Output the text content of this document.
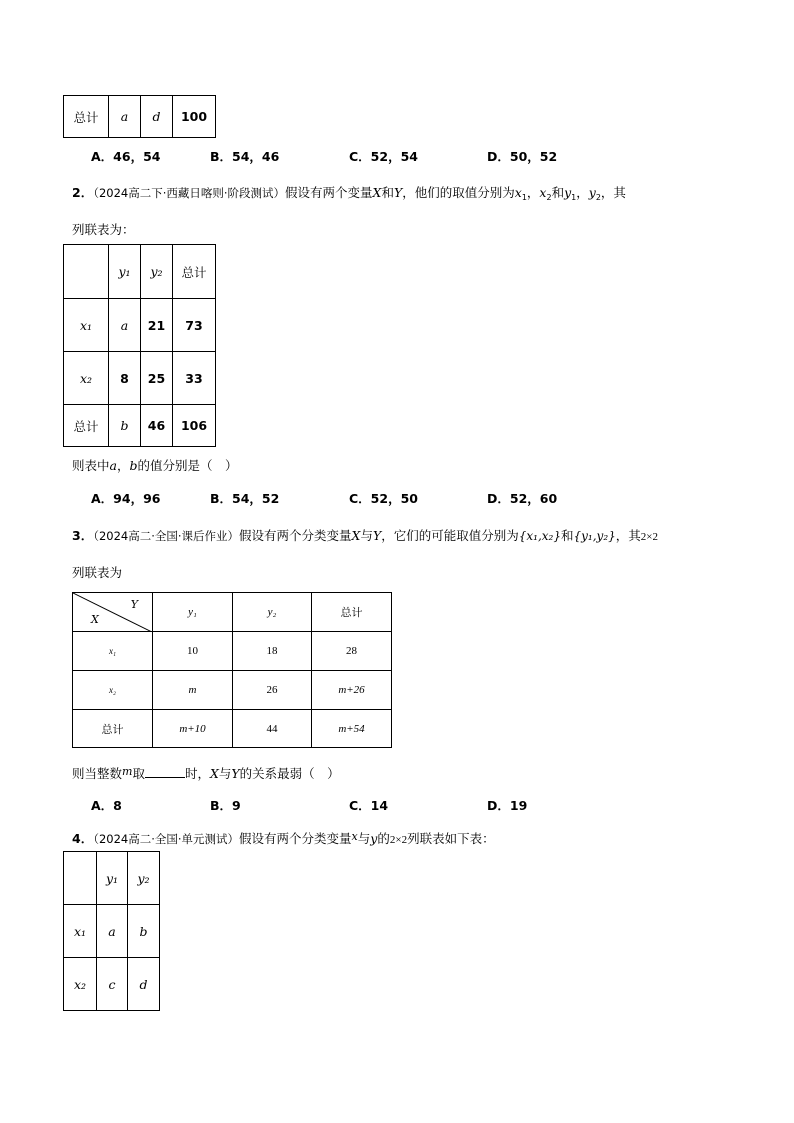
总计	a	d	100
A．46，54	B．54，46	C．52，54	D．50，52
2．（2024高二下·西藏日喀则·阶段测试）假设有两个变量X和Y，他们的取值分别为$x_1$，$x_2$和$y_1$，$y_2$，其
列联表为：
	y₁	y₂	总计
x₁	a	21	73
x₂	8	25	33
总计	b	46	106
则表中a，b的值分别是（　）
A．94，96	B．54，52	C．52，50	D．52，60
3．（2024高二·全国·课后作业）假设有两个分类变量X与Y，它们的可能取值分别为{x₁,x₂}和{y₁,y₂}，其2×2
列联表为
Y
X	y₁	y₂	总计
x₁	10	18	28
x₂	m	26	m+26
总计	m+10	44	m+54
则当整数m取	时，X与Y的关系最弱（　）
A．8	B．9	C．14	D．19
4．（2024高二·全国·单元测试）假设有两个分类变量x与y的2×2列联表如下表：
	y₁	y₂
x₁	a	b
x₂	c	d
